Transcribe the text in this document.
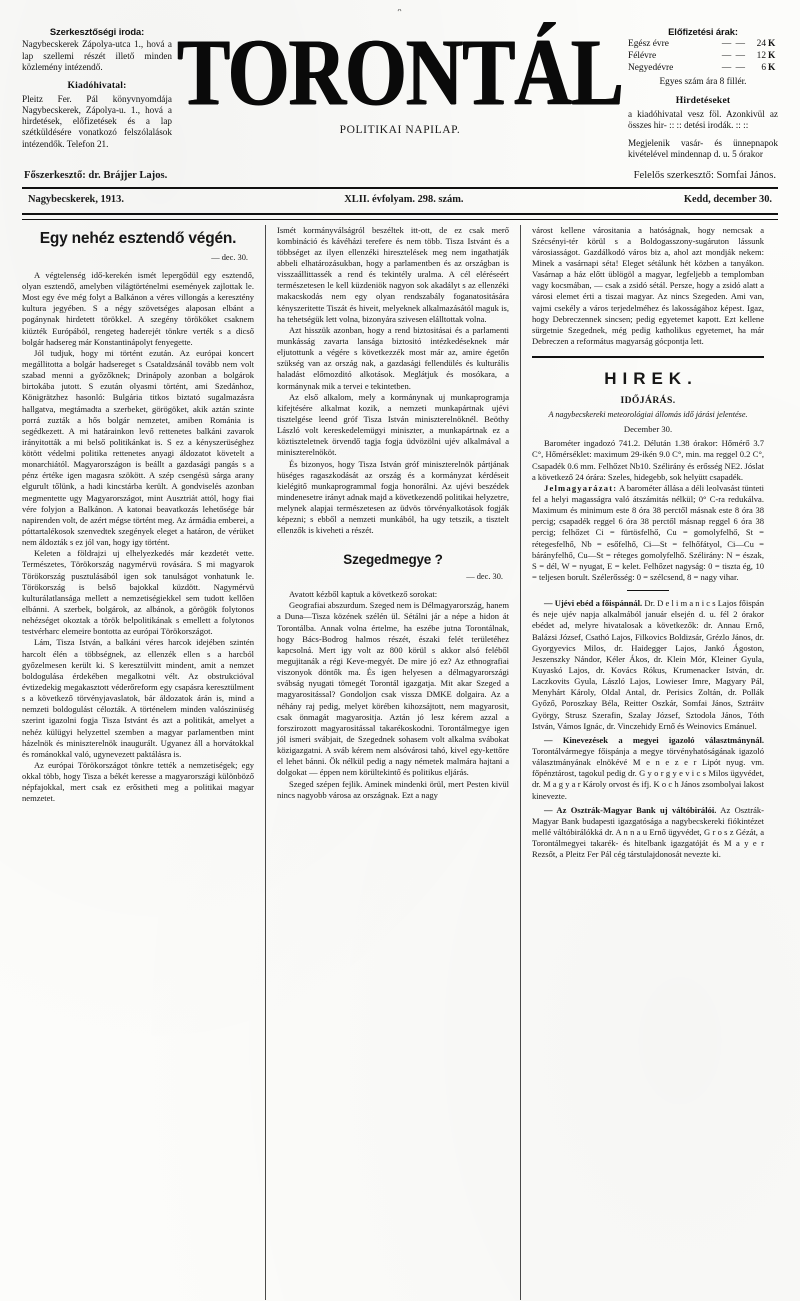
ᴖ
Szerkesztőségi iroda:
Nagybecskerek Zápolya-utca 1., hová a lap szellemi részét illető minden közlemény intézendő.
Kiadóhivatal:
Pleitz Fer. Pál könyvnyomdája Nagybecskerek, Zápolya-u. 1., hová a hirdetések, előfizetések és a lap szétküldésére vonatkozó felszólalások intézendők. Telefon 21.
TORONTÁL
POLITIKAI NAPILAP.
Előfizetési árak:
Egész évre	— —	24	K
Félévre	— —	12	K
Negyedévre	— —	6	K
Egyes szám ára 8 fillér.
Hirdetéseket
a kiadóhivatal vesz föl. Azonkivül az összes hir- :: :: detési irodák. :: ::
Megjelenik vasár- és ünnepnapok kivételével mindennap d. u. 5 órakor
Főszerkesztő: dr. Brájjer Lajos.	Felelős szerkesztő: Somfai János.
Nagybecskerek, 1913.	XLII. évfolyam. 298. szám.	Kedd, december 30.
Egy nehéz esztendő végén.
— dec. 30.

A végtelenség idő-kerekén ismét lepergődül egy esztendő, olyan esztendő, amelyben világtörténelmi események zajlottak le. Most egy éve még folyt a Balkánon a véres villongás a keresztény kultura jegyében. S a négy szövetséges alaposan elbánt a pogánynak hirdetett törökkel. A szegény törököket csaknem kiüzték Európából, rengeteg haderejét tönkre verték s a dicső bolgár hadsereg már Konstantinápolyt fenyegette.

Jól tudjuk, hogy mi történt ezután. Az európai koncert megállitotta a bolgár hadsereget s Csataldzsánál tovább nem volt szabad menni a győzőknek; Drinápoly azonban a bolgárok birtokába jutott. S ezután olyasmi történt, ami Szedánhoz, Königrätzhez hasonló: Bulgária titkos biztató sugalmazásra hallgatva, megtámadta a szerbeket, görögöket, akik aztán szinte porrá zuzták a hős bolgár nemzetet, amiben Románia is segédkezett. A mi határainkon levő rettenetes balkáni zavarok irányitották a mi belső politikánkat is. S ez a kényszerüséghez kötött védelmi politika rettenetes anyagi áldozatot követelt a monarchiától. Magyarországon is beállt a gazdasági pangás s a pénz értéke igen magasra szökött. A szép csengésü sárga arany elgurult tőlünk, a hadi kincstárba került. A gondviselés azonban megmentette ugy Magyarországot, mint Ausztriát attól, hogy fiai vére folyjon a Balkánon. A katonai beavatkozás lehetősége bár napirenden volt, de azért mégse történt meg. Az ármádia emberei, a póttartalékosok szenvedtek szegények eleget a határon, de vérüket nem áldozták s ez jól van, hogy igy történt.

Keleten a földrajzi uj elhelyezkedés már kezdetét vette. Természetes, Törökország nagymérvü rovására. S mi magyarok Törökország pusztulásából igen sok tanulságot vonhatunk le. Törökország is belső bajokkal küzdött. Nagymérvü kulturálatlansága mellett a nemzetiségiekkel sem tudott kellően elbánni. A szerbek, bolgárok, az albánok, a görögök folytonos nehézséget okoztak a török belpolitikának s emellett a folytonos testvérharc elemeire bontotta az európai Törökországot.

Lám, Tisza István, a balkáni véres harcok idejében szintén harcolt élén a többségnek, az ellenzék ellen s a harcból győzelmesen került ki. S keresztülvitt mindent, amit a nemzet boldogulása érdekében megalkotni vélt. Az obstrukcióval évtizedekig megakasztott véderőreform egy csapásra keresztülment s a következő törvényjavaslatok, bár áldozatok árán is, mind a nemzeti boldogulást célozták. A történelem minden valószinüség szerint igazolni fogja Tisza Istvánt és azt a politikát, amelyet a nehéz külügyi helyzettel szemben a magyar parlamentben mint házelnök és miniszterelnök inaugurált. Ugyanez áll a horvátokkal és románokkal való, ugynevezett paktálásra is.

Az európai Törökországot tönkre tették a nemzetiségek; egy okkal több, hogy Tisza a békét keresse a magyarországi különböző népfajokkal, mert csak ez erősitheti meg a politikai magyar nemzetet.

Ismét kormányválságról beszéltek itt-ott, de ez csak merő kombináció és kávéházi terefere és nem több. Tisza Istvánt és a többséget az ilyen ellenzéki hiresztelések meg nem ingathatják abbeli elhatározásukban, hogy a parlamentben és az országban is visszaállittassék a rend és tekintély uralma. A cél eléréseért természetesen le kell küzdeniök nagyon sok akadályt s az ellenzéki makacskodás nem egy olyan rendszabály foganatositására kényszeritette Tiszát és hiveit, melyeknek alkalmazásától maguk is, ha tehetségük lett volna, bizonyára szivesen elálltottak volna.

Azt hisszük azonban, hogy a rend biztositásai és a parlamenti munkásság zavarta lansága biztositó intézkedéseknek már eljutottunk a végére s következzék most már az, amire égetőn szükség van az ország nak, a gazdasági fellendülés és kulturális haladást előmozditó alkotások. Meglátjuk és mosókara, a kormánynak mik a tervei e tekintetben.

Az első alkalom, mely a kormánynak uj munkaprogramja kifejtésére alkalmat kozik, a nemzeti munkapártnak ujévi tisztelgése leend gróf Tisza István miniszterelnöknél. Beöthy László volt kereskedelemügyi miniszter, a munkapártnak ez a köztiszteletnek örvendő tagja fogja üdvözölni ujév alkalmával a miniszterelnököt.

És bizonyos, hogy Tisza István gróf miniszterelnök pártjának hüséges ragaszkodását az ország és a kormányzat kérdéseit kielégitő munkaprogrammal fogja honorálni. Az ujévi beszédek mindenesetre irányt adnak majd a következendő politikai helyzetre, melynek alapjai természetesen az üdvös törvényalkotások fogják képezni; s ebből a nemzeti munkából, ha ugy tetszik, a tisztelt ellenzők is kiveheti a részét.

Szegedmegye ?
— dec. 30.

Avatott kézből kaptuk a következő sorokat:

Geografiai abszurdum. Szeged nem is Délmagyarország, hanem a Duna—Tisza közének szélén ül. Sétálni jár a népe a hidon át Torontálba. Annak volna értelme, ha eszébe jutna Torontálnak, hogy Bács-Bodrog halmos részét, északi felét területéhez kapcsolná. Mert igy volt az 800 körül s akkor alsó feléből megujitanák a régi Keve-megyét. De mire jó ez? Az ethnografiai viszonyok döntők ma. És igen helyesen a délmagyarországi svábság nyugati tömegét Torontál igazgatja. Mit akar Szeged a magyarositással? Gondoljon csak vissza DMKE dolgaira. Az a néhány raj pedig, melyet körében kihozsájtott, nem magyarosit, csak önmagát magyarositja. Aztán jó lesz kérem azzal a forszirozott magyarositással takarékoskodni. Torontálmegye igen jól ismeri svábjait, de Szegednek sohasem volt alkalma svábokat közigazgatni. A sváb kérem nem alsóvárosi tahó, kivel egy-kettőre el lehet bánni. Ök nélkül pedig a nagy németek malmára hajtani a dolgokat — éppen nem körültekintő és politikus eljárás.

Szeged szépen fejlik. Aminek mindenki örül, mert Pesten kivül nincs nagyobb városa az országnak. Ezt a nagy

várost kellene várositania a hatóságnak, hogy nemcsak a Szécsényi-tér körül s a Boldogasszony-sugáruton lássunk városiasságot. Gazdálkodó város biz a, ahol azt mondják nekem: Minek a vasárnapi séta! Eleget sétálunk hét közben a tanyákon. Vasárnap a ház előtt üblögöl a magyar, legfeljebb a templomban vagy kocsmában, — csak a zsidó sétál. Persze, hogy a zsidó alatt a városi elemet érti a tiszai magyar. Az nincs Szegeden. Ami van, vajmi csekély a város terjedelméhez és lakosságához képest. Igaz, hogy Debreczennek sincsen; pedig egyetemet kapott. Ezt kellene sürgetnie Szegednek, még pedig katholikus egyetemet, ha már Debreczen a református magyarság gócpontja lett.

HIREK.
IDŐJÁRÁS.
A nagybecskereki meteorológiai állomás idő járási jelentése.
December 30.

Barométer ingadozó 741.2. Délután 1.38 órakor: Hőmérő 3.7 C°, Hőmérséklet: maximum 29-ikén 9.0 C°, min. ma reggel 0.2 C°, Csapadék 0.6 mm. Felhőzet Nb10. Szélirány és erősség NE2. Jóslat a következő 24 órára: Szeles, hidegebb, sok helyütt csapadék.

Jelmagyarázat: A barométer állása a déli leolvasást tünteti fel a helyi magasságra való átszámitás nélkül; 0° C-ra redukálva. Maximum és minimum este 8 óra 38 perctől másnak este 8 óra 38 percig; csapadék reggel 6 óra 38 perctől másnap reggel 6 óra 38 percig; felhőzet Ci = fürtösfelhő, Cu = gomolyfelhő, St = rétegesfelhő, Nb = esőfelhő, Ci—St = felhőfátyol, Ci—Cu = bárányfelhő, Cu—St = réteges gomolyfelhő. Szélirány: N = észak, S = dél, W = nyugat, E = kelet. Felhőzet nagyság: 0 = tiszta ég, 10 = teljesen borult. Szélerősség: 0 = szélcsend, 8 = nagy vihar.

— Ujévi ebéd a főispánnál. Dr. D e l i m a n i c s Lajos főispán és neje ujév napja alkalmából január elsején d. u. fél 2 órakor ebédet ad, melyre hivatalosak a következők: dr. Annau Ernő, Balázsi József, Csathó Lajos, Filkovics Boldizsár, Grézlo János, dr. Gyorgyevics Milos, dr. Haidegger Lajos, Jankó Ágoston, Jeszenszky Nándor, Kéler Ákos, dr. Klein Mór, Kleiner Gyula, Kuyaskó Lajos, dr. Kovács Rókus, Krumenacker István, dr. Laczkovits Gyula, László Lajos, Lowieser Imre, Magyary Pál, Menyhárt Károly, Oldal Antal, dr. Perisics Zoltán, dr. Pollák Győző, Poroszkay Béla, Reitter Oszkár, Somfai János, Sztráitv György, Strusz Szerafin, Szalay József, Sztodola János, Tóth István, Vámos Ignác, dr. Vinczehidy Ernő és Weinovics Emánuel.

— Kinevezések a megyei igazoló választmánynál. Torontálvármegye főispánja a megye törvényhatóságának igazoló választmányának elnökévé M e n e z e r Lipót nyug. vm. főpénztárost, tagokul pedig dr. G y o r g y e v i c s Milos ügyvédet, dr. M a g y a r Károly orvost és ifj. K o c h János zsombolyai lakost kinevezte.

— Az Osztrák-Magyar Bank uj váltóbirálói. Az Osztrák-Magyar Bank budapesti igazgatósága a nagybecskereki fiókintézet mellé váltóbirálókká dr. A n n a u Ernő ügyvédet, G r o s z Gézát, a Torontálmegyei takarék- és hitelbank igazgatóját és M a y e r Rezsőt, a Pleitz Fer Pál cég társtulajdonosát nevezte ki.
